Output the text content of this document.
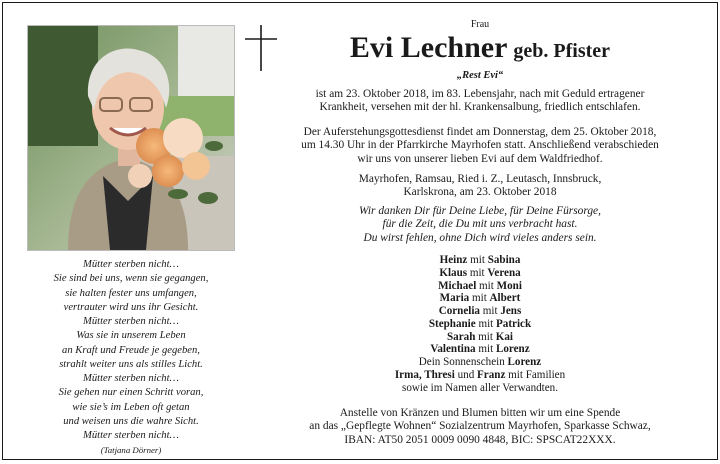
Mütter sterben nicht…
Sie sind bei uns, wenn sie gegangen,
sie halten fester uns umfangen,
vertrauter wird uns ihr Gesicht.
Mütter sterben nicht…
Was sie in unserem Leben
an Kraft und Freude je gegeben,
strahlt weiter uns als stilles Licht.
Mütter sterben nicht…
Sie gehen nur einen Schritt voran,
wie sie’s im Leben oft getan
und weisen uns die wahre Sicht.
Mütter sterben nicht…
(Tatjana Dörner)
Frau
Evi Lechner geb. Pfister
„Rest Evi“
ist am 23. Oktober 2018, im 83. Lebensjahr, nach mit Geduld ertragener
Krankheit, versehen mit der hl. Krankensalbung, friedlich entschlafen.
Der Auferstehungsgottesdienst findet am Donnerstag, dem 25. Oktober 2018,
um 14.30 Uhr in der Pfarrkirche Mayrhofen statt. Anschließend verabschieden
wir uns von unserer lieben Evi auf dem Waldfriedhof.
Mayrhofen, Ramsau, Ried i. Z., Leutasch, Innsbruck,
Karlskrona, am 23. Oktober 2018
Wir danken Dir für Deine Liebe, für Deine Fürsorge,
für die Zeit, die Du mit uns verbracht hast.
Du wirst fehlen, ohne Dich wird vieles anders sein.
Heinz mit Sabina
Klaus mit Verena
Michael mit Moni
Maria mit Albert
Cornelia mit Jens
Stephanie mit Patrick
Sarah mit Kai
Valentina mit Lorenz
Dein Sonnenschein Lorenz
Irma, Thresi und Franz mit Familien
sowie im Namen aller Verwandten.
Anstelle von Kränzen und Blumen bitten wir um eine Spende
an das „Gepflegte Wohnen“ Sozialzentrum Mayrhofen, Sparkasse Schwaz,
IBAN: AT50 2051 0009 0090 4848, BIC: SPSCAT22XXX.
